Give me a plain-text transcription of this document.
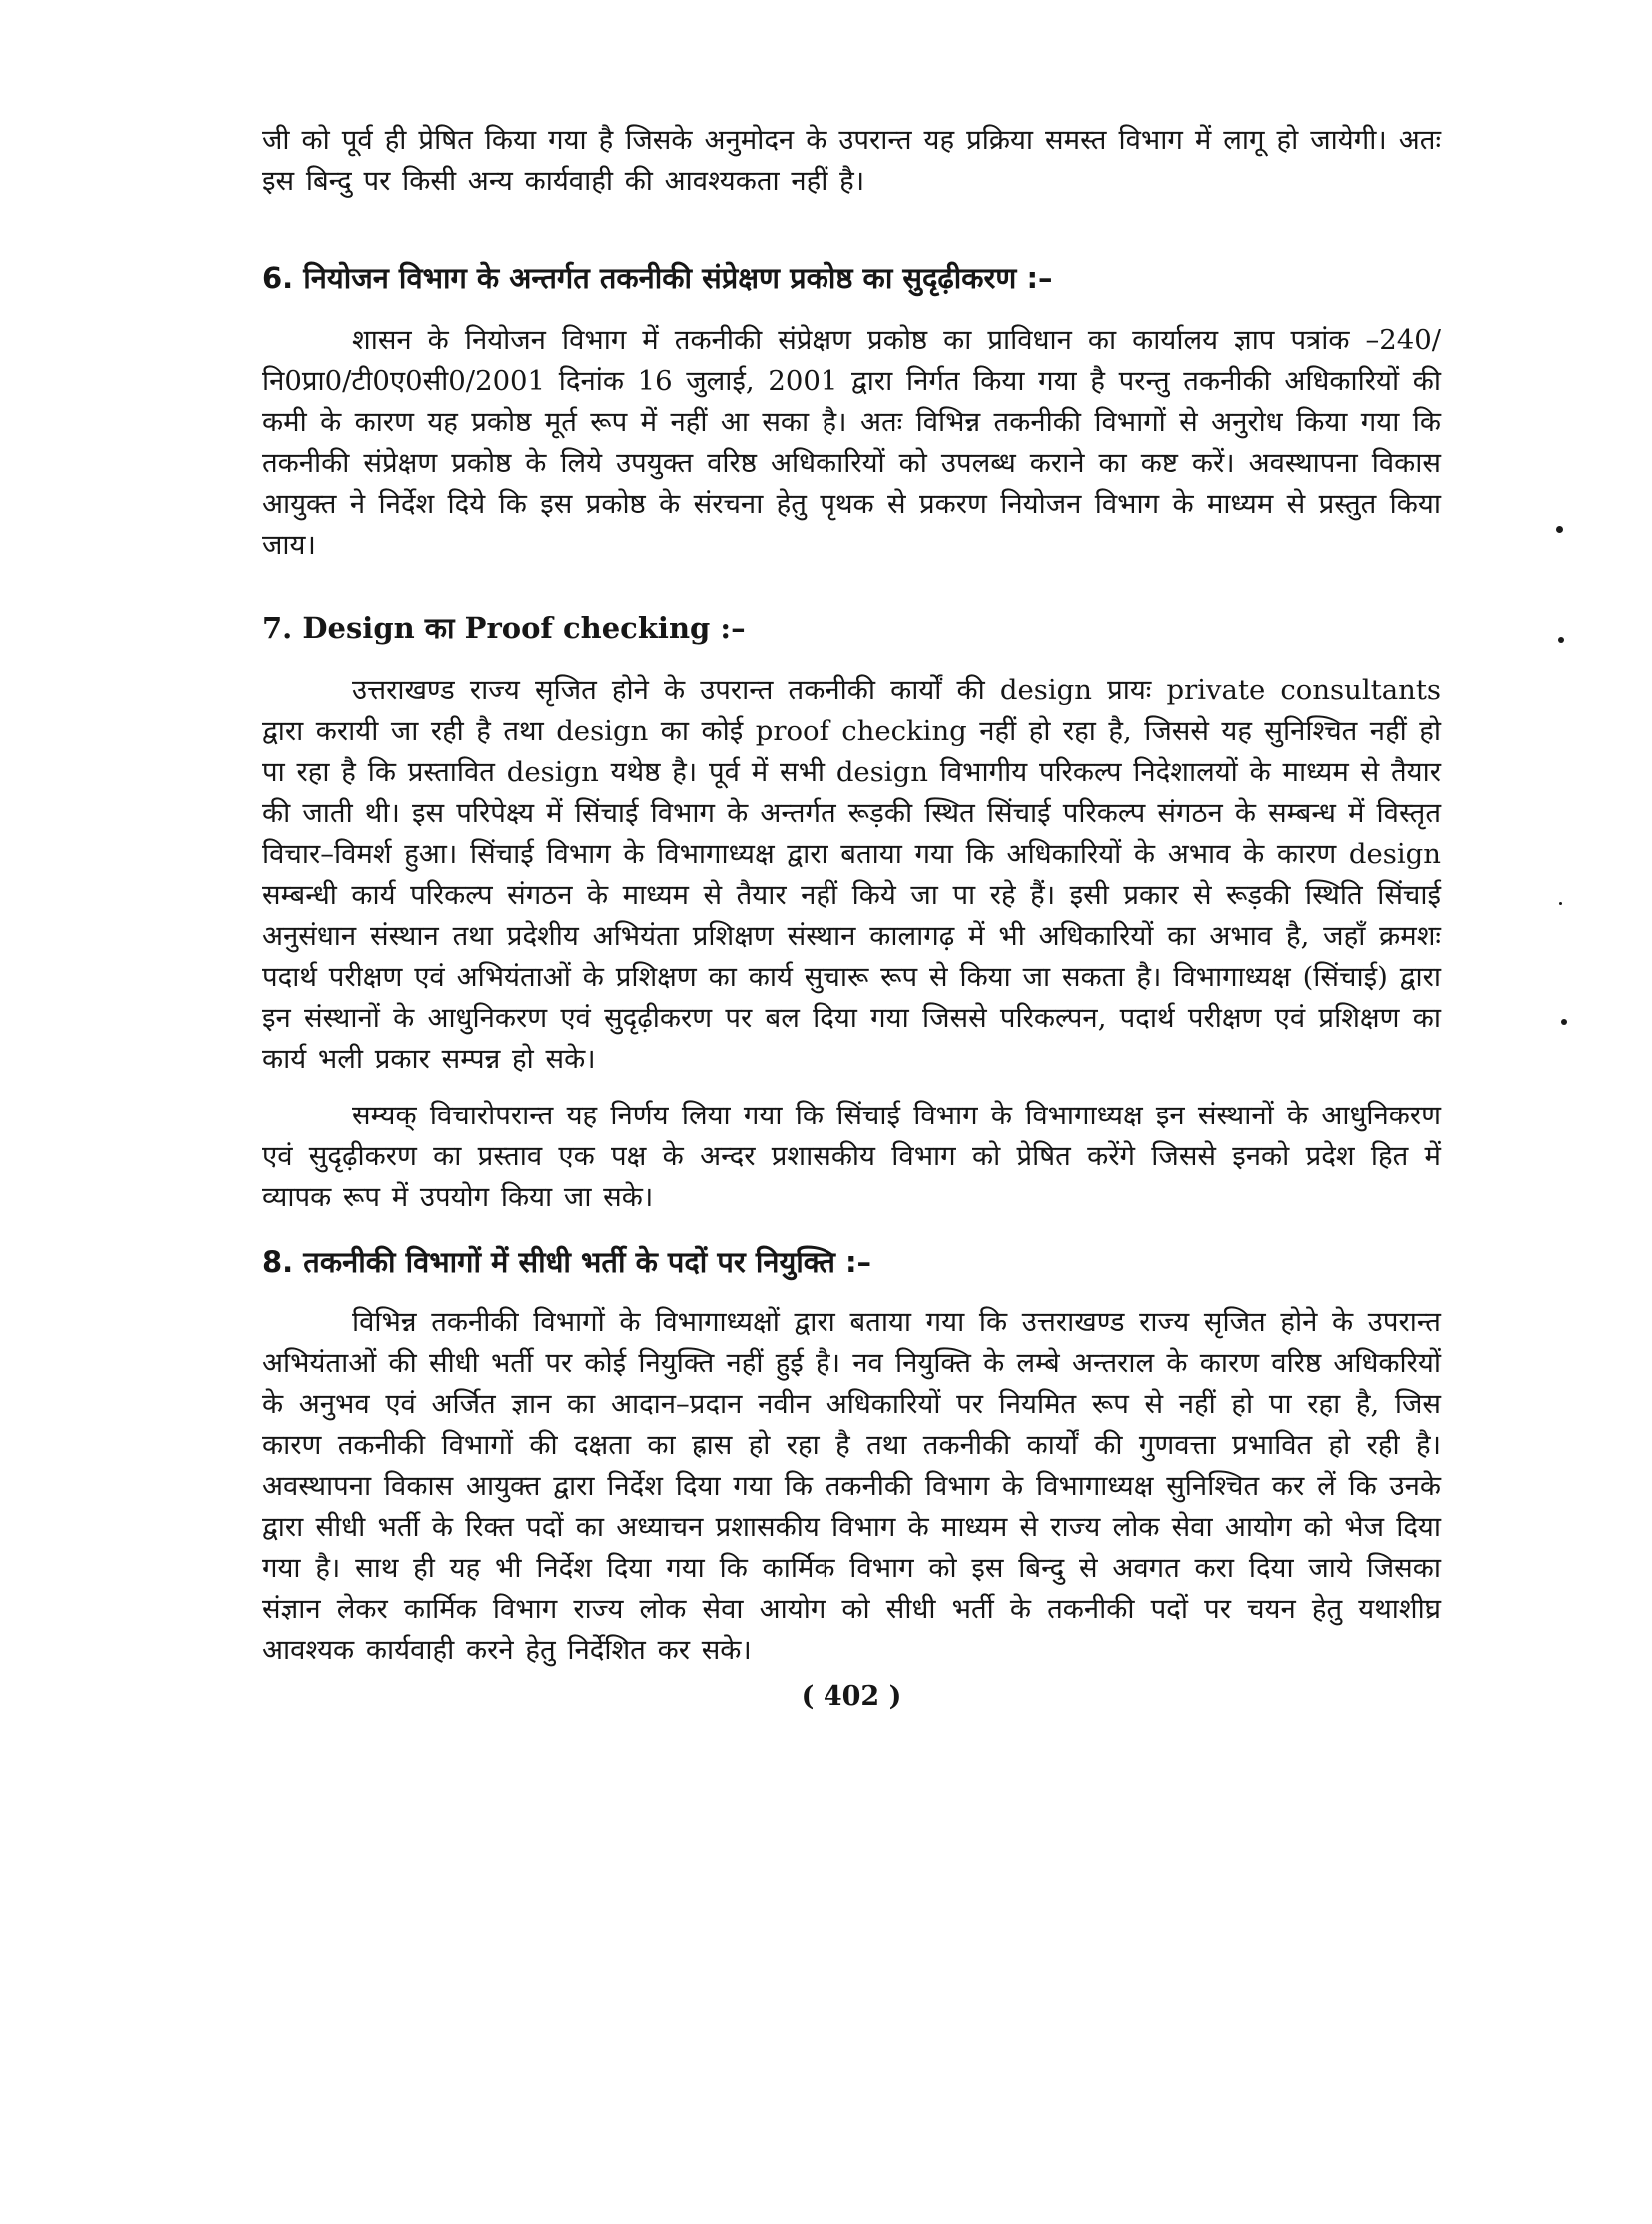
जी को पूर्व ही प्रेषित किया गया है जिसके अनुमोदन के उपरान्त यह प्रक्रिया समस्त विभाग में लागू हो जायेगी। अतः इस बिन्दु पर किसी अन्य कार्यवाही की आवश्यकता नहीं है।

6. नियोजन विभाग के अन्तर्गत तकनीकी संप्रेक्षण प्रकोष्ठ का सुदृढ़ीकरण :–

शासन के नियोजन विभाग में तकनीकी संप्रेक्षण प्रकोष्ठ का प्राविधान का कार्यालय ज्ञाप पत्रांक –240/नि0प्रा0/टी0ए0सी0/2001 दिनांक 16 जुलाई, 2001 द्वारा निर्गत किया गया है परन्तु तकनीकी अधिकारियों की कमी के कारण यह प्रकोष्ठ मूर्त रूप में नहीं आ सका है। अतः विभिन्न तकनीकी विभागों से अनुरोध किया गया कि तकनीकी संप्रेक्षण प्रकोष्ठ के लिये उपयुक्त वरिष्ठ अधिकारियों को उपलब्ध कराने का कष्ट करें। अवस्थापना विकास आयुक्त ने निर्देश दिये कि इस प्रकोष्ठ के संरचना हेतु पृथक से प्रकरण नियोजन विभाग के माध्यम से प्रस्तुत किया जाय।

7. Design का Proof checking :–

उत्तराखण्ड राज्य सृजित होने के उपरान्त तकनीकी कार्यों की design प्रायः private consultants द्वारा करायी जा रही है तथा design का कोई proof checking नहीं हो रहा है, जिससे यह सुनिश्चित नहीं हो पा रहा है कि प्रस्तावित design यथेष्ठ है। पूर्व में सभी design विभागीय परिकल्प निदेशालयों के माध्यम से तैयार की जाती थी। इस परिपेक्ष्य में सिंचाई विभाग के अन्तर्गत रूड़की स्थित सिंचाई परिकल्प संगठन के सम्बन्ध में विस्तृत विचार–विमर्श हुआ। सिंचाई विभाग के विभागाध्यक्ष द्वारा बताया गया कि अधिकारियों के अभाव के कारण design सम्बन्धी कार्य परिकल्प संगठन के माध्यम से तैयार नहीं किये जा पा रहे हैं। इसी प्रकार से रूड़की स्थिति सिंचाई अनुसंधान संस्थान तथा प्रदेशीय अभियंता प्रशिक्षण संस्थान कालागढ़ में भी अधिकारियों का अभाव है, जहाँ क्रमशः पदार्थ परीक्षण एवं अभियंताओं के प्रशिक्षण का कार्य सुचारू रूप से किया जा सकता है। विभागाध्यक्ष (सिंचाई) द्वारा इन संस्थानों के आधुनिकरण एवं सुदृढ़ीकरण पर बल दिया गया जिससे परिकल्पन, पदार्थ परीक्षण एवं प्रशिक्षण का कार्य भली प्रकार सम्पन्न हो सके।

सम्यक् विचारोपरान्त यह निर्णय लिया गया कि सिंचाई विभाग के विभागाध्यक्ष इन संस्थानों के आधुनिकरण एवं सुदृढ़ीकरण का प्रस्ताव एक पक्ष के अन्दर प्रशासकीय विभाग को प्रेषित करेंगे जिससे इनको प्रदेश हित में व्यापक रूप में उपयोग किया जा सके।

8. तकनीकी विभागों में सीधी भर्ती के पदों पर नियुक्ति :–

विभिन्न तकनीकी विभागों के विभागाध्यक्षों द्वारा बताया गया कि उत्तराखण्ड राज्य सृजित होने के उपरान्त अभियंताओं की सीधी भर्ती पर कोई नियुक्ति नहीं हुई है। नव नियुक्ति के लम्बे अन्तराल के कारण वरिष्ठ अधिकरियों के अनुभव एवं अर्जित ज्ञान का आदान–प्रदान नवीन अधिकारियों पर नियमित रूप से नहीं हो पा रहा है, जिस कारण तकनीकी विभागों की दक्षता का ह्रास हो रहा है तथा तकनीकी कार्यों की गुणवत्ता प्रभावित हो रही है। अवस्थापना विकास आयुक्त द्वारा निर्देश दिया गया कि तकनीकी विभाग के विभागाध्यक्ष सुनिश्चित कर लें कि उनके द्वारा सीधी भर्ती के रिक्त पदों का अध्याचन प्रशासकीय विभाग के माध्यम से राज्य लोक सेवा आयोग को भेज दिया गया है। साथ ही यह भी निर्देश दिया गया कि कार्मिक विभाग को इस बिन्दु से अवगत करा दिया जाये जिसका संज्ञान लेकर कार्मिक विभाग राज्य लोक सेवा आयोग को सीधी भर्ती के तकनीकी पदों पर चयन हेतु यथाशीघ्र आवश्यक कार्यवाही करने हेतु निर्देशित कर सके।

( 402 )
